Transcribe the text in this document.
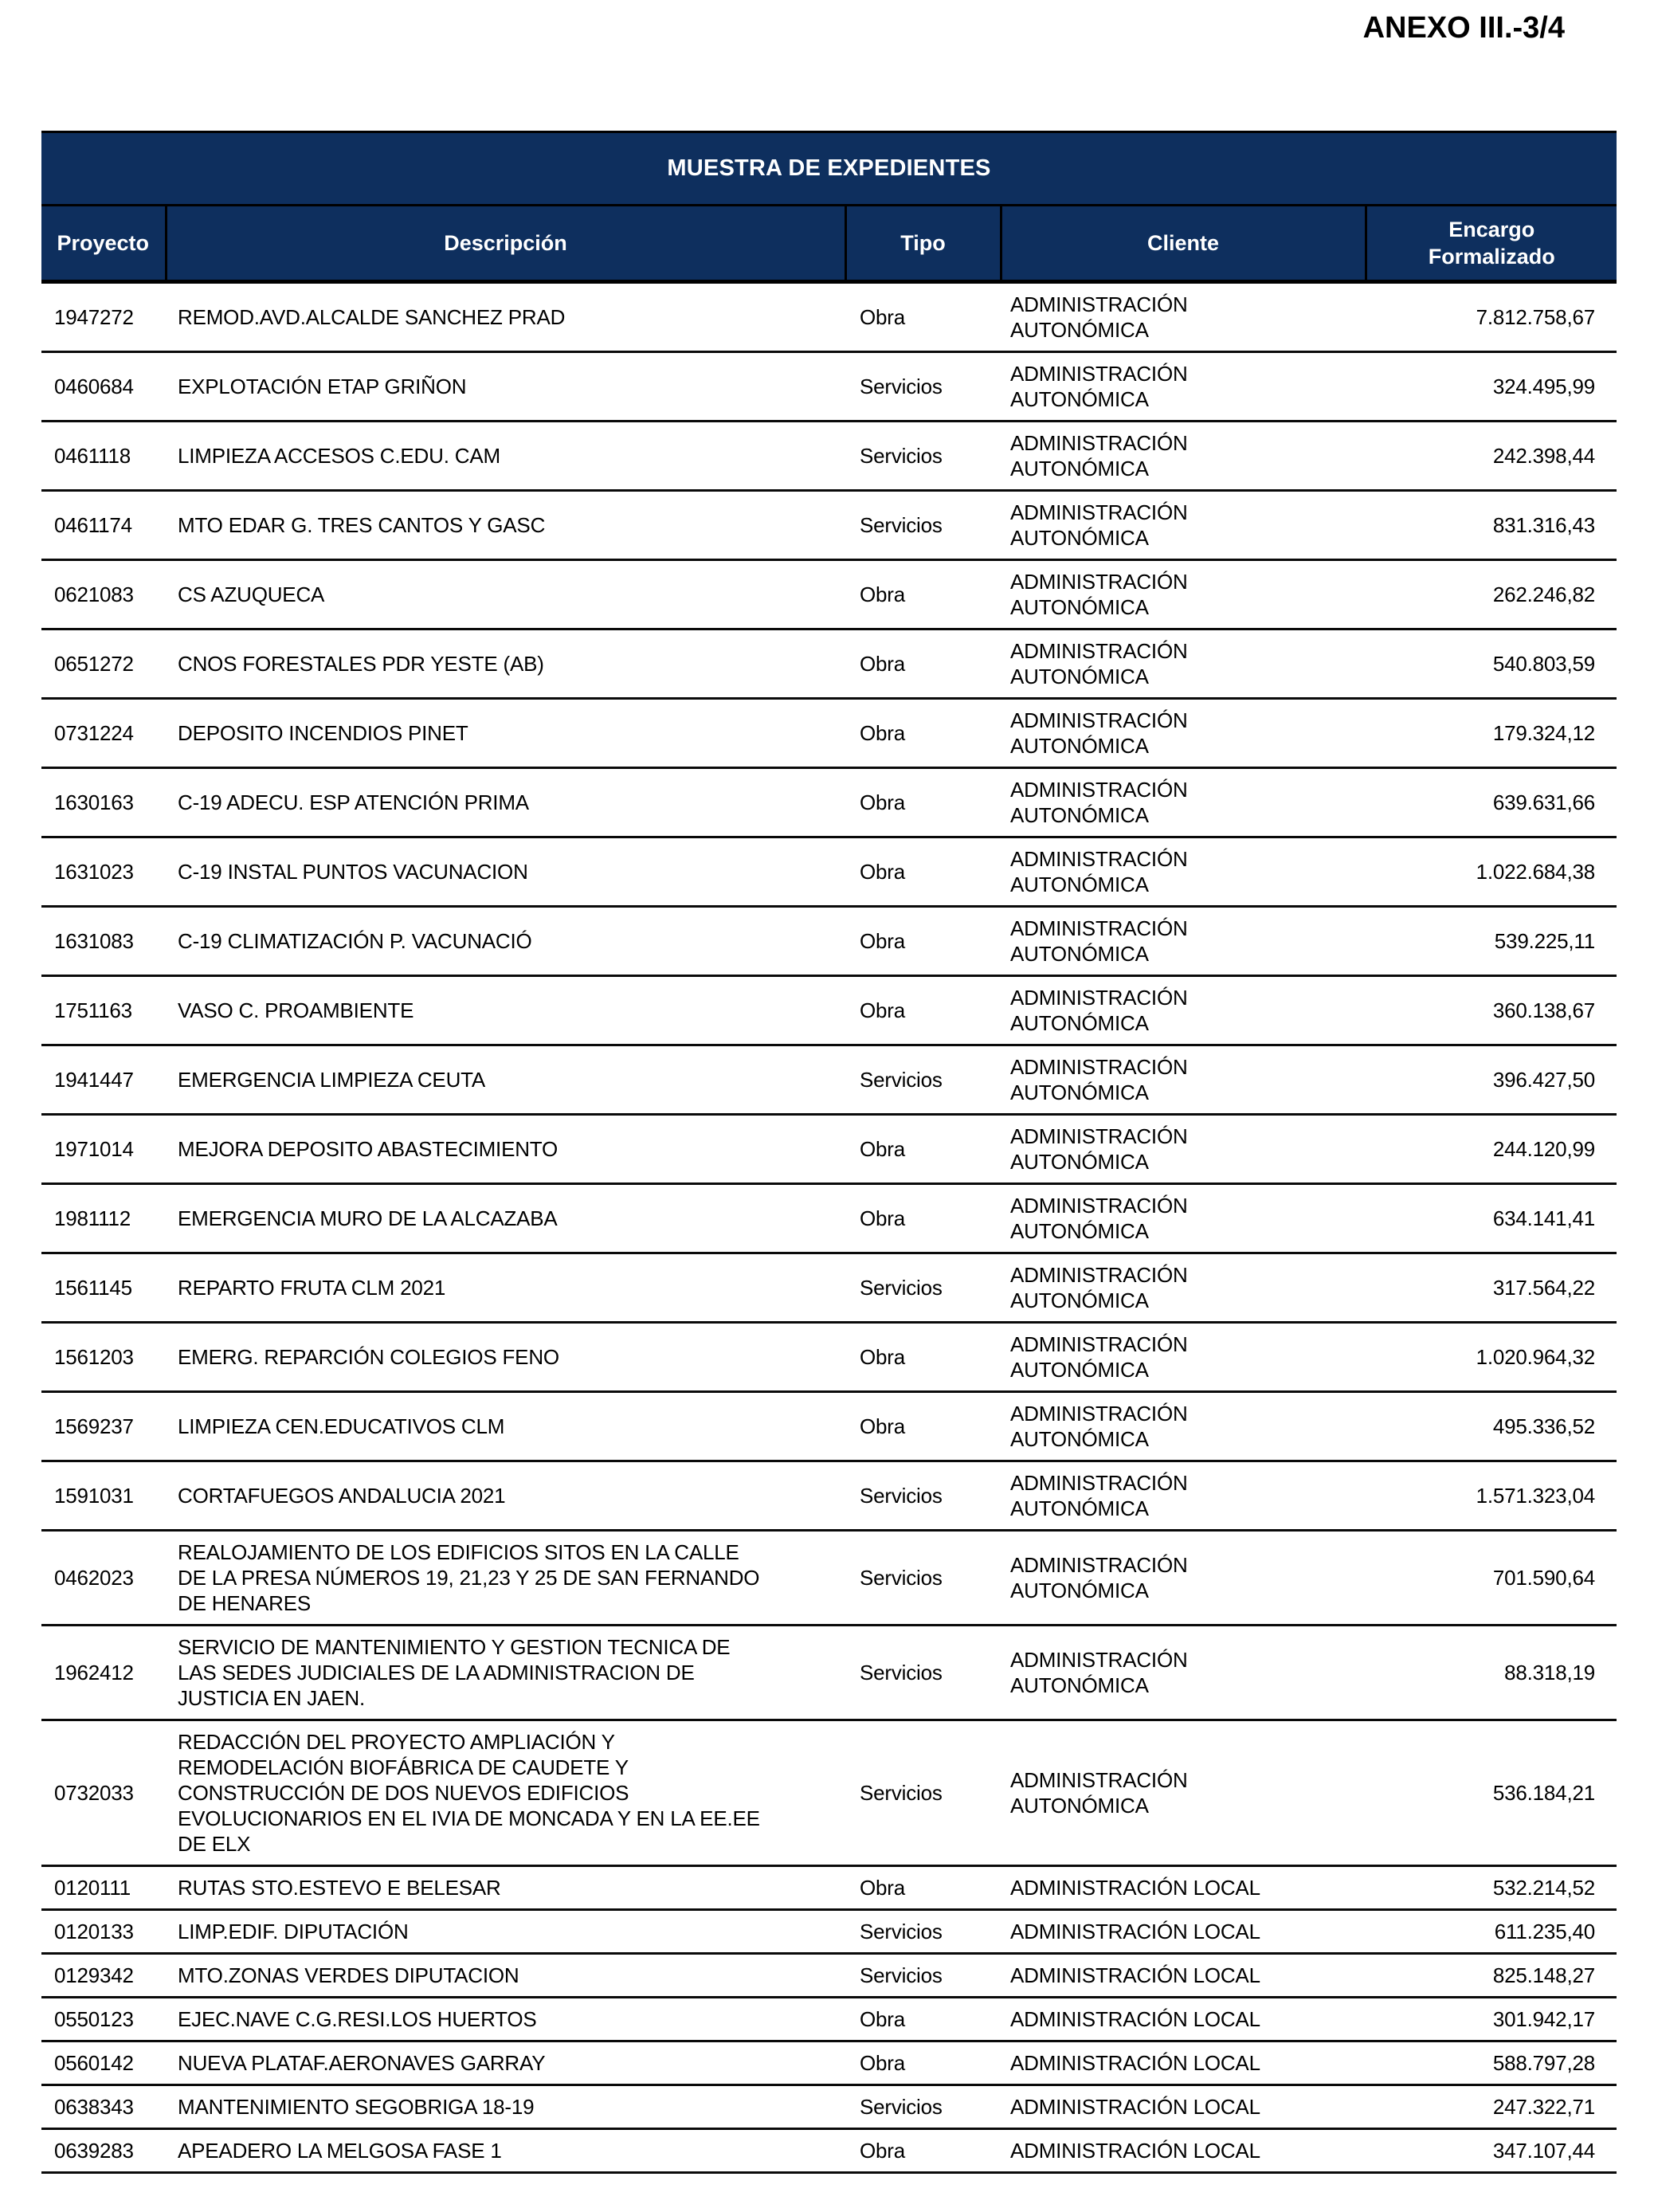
ANEXO III.-3/4
MUESTRA DE EXPEDIENTES				
Proyecto	Descripción	Tipo	Cliente	Encargo
Formalizado
1947272	REMOD.AVD.ALCALDE SANCHEZ PRAD	Obra	ADMINISTRACIÓN
AUTONÓMICA	7.812.758,67
0460684	EXPLOTACIÓN ETAP GRIÑON	Servicios	ADMINISTRACIÓN
AUTONÓMICA	324.495,99
0461118	LIMPIEZA ACCESOS C.EDU. CAM	Servicios	ADMINISTRACIÓN
AUTONÓMICA	242.398,44
0461174	MTO EDAR G. TRES CANTOS Y GASC	Servicios	ADMINISTRACIÓN
AUTONÓMICA	831.316,43
0621083	CS AZUQUECA	Obra	ADMINISTRACIÓN
AUTONÓMICA	262.246,82
0651272	CNOS FORESTALES PDR YESTE (AB)	Obra	ADMINISTRACIÓN
AUTONÓMICA	540.803,59
0731224	DEPOSITO INCENDIOS PINET	Obra	ADMINISTRACIÓN
AUTONÓMICA	179.324,12
1630163	C-19 ADECU. ESP ATENCIÓN PRIMA	Obra	ADMINISTRACIÓN
AUTONÓMICA	639.631,66
1631023	C-19 INSTAL PUNTOS VACUNACION	Obra	ADMINISTRACIÓN
AUTONÓMICA	1.022.684,38
1631083	C-19 CLIMATIZACIÓN P. VACUNACIÓ	Obra	ADMINISTRACIÓN
AUTONÓMICA	539.225,11
1751163	VASO C. PROAMBIENTE	Obra	ADMINISTRACIÓN
AUTONÓMICA	360.138,67
1941447	EMERGENCIA LIMPIEZA CEUTA	Servicios	ADMINISTRACIÓN
AUTONÓMICA	396.427,50
1971014	MEJORA DEPOSITO ABASTECIMIENTO	Obra	ADMINISTRACIÓN
AUTONÓMICA	244.120,99
1981112	EMERGENCIA MURO DE LA ALCAZABA	Obra	ADMINISTRACIÓN
AUTONÓMICA	634.141,41
1561145	REPARTO FRUTA CLM 2021	Servicios	ADMINISTRACIÓN
AUTONÓMICA	317.564,22
1561203	EMERG. REPARCIÓN COLEGIOS FENO	Obra	ADMINISTRACIÓN
AUTONÓMICA	1.020.964,32
1569237	LIMPIEZA CEN.EDUCATIVOS CLM	Obra	ADMINISTRACIÓN
AUTONÓMICA	495.336,52
1591031	CORTAFUEGOS ANDALUCIA 2021	Servicios	ADMINISTRACIÓN
AUTONÓMICA	1.571.323,04
0462023	REALOJAMIENTO DE LOS EDIFICIOS SITOS EN LA CALLE
DE LA PRESA NÚMEROS 19, 21,23 Y 25 DE SAN FERNANDO
DE HENARES	Servicios	ADMINISTRACIÓN
AUTONÓMICA	701.590,64
1962412	SERVICIO DE MANTENIMIENTO Y GESTION TECNICA DE
LAS SEDES JUDICIALES DE LA ADMINISTRACION DE
JUSTICIA EN JAEN.	Servicios	ADMINISTRACIÓN
AUTONÓMICA	88.318,19
0732033	REDACCIÓN DEL PROYECTO AMPLIACIÓN Y
REMODELACIÓN BIOFÁBRICA DE CAUDETE Y
CONSTRUCCIÓN DE DOS NUEVOS EDIFICIOS
EVOLUCIONARIOS EN EL IVIA DE MONCADA Y EN LA EE.EE
DE ELX	Servicios	ADMINISTRACIÓN
AUTONÓMICA	536.184,21
0120111	RUTAS STO.ESTEVO E BELESAR	Obra	ADMINISTRACIÓN LOCAL	532.214,52
0120133	LIMP.EDIF. DIPUTACIÓN	Servicios	ADMINISTRACIÓN LOCAL	611.235,40
0129342	MTO.ZONAS VERDES DIPUTACION	Servicios	ADMINISTRACIÓN LOCAL	825.148,27
0550123	EJEC.NAVE C.G.RESI.LOS HUERTOS	Obra	ADMINISTRACIÓN LOCAL	301.942,17
0560142	NUEVA PLATAF.AERONAVES GARRAY	Obra	ADMINISTRACIÓN LOCAL	588.797,28
0638343	MANTENIMIENTO SEGOBRIGA 18-19	Servicios	ADMINISTRACIÓN LOCAL	247.322,71
0639283	APEADERO LA MELGOSA FASE 1	Obra	ADMINISTRACIÓN LOCAL	347.107,44
